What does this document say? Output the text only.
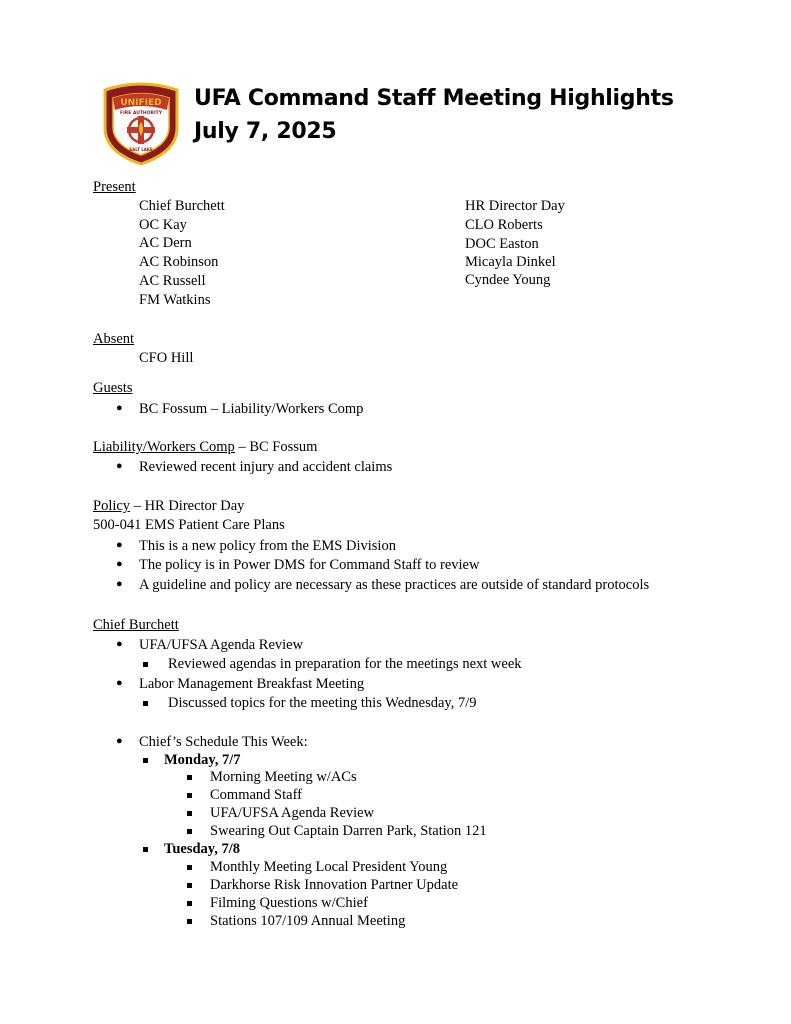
UNIFIED
FIRE AUTHORITY
SALT LAKE
UFA Command Staff Meeting Highlights
July 7, 2025
Present
Chief Burchett
OC Kay
AC Dern
AC Robinson
AC Russell
FM Watkins
HR Director Day
CLO Roberts
DOC Easton
Micayla Dinkel
Cyndee Young
Absent
CFO Hill
Guests
● BC Fossum – Liability/Workers Comp
Liability/Workers Comp – BC Fossum
● Reviewed recent injury and accident claims
Policy – HR Director Day
500-041 EMS Patient Care Plans
● This is a new policy from the EMS Division
● The policy is in Power DMS for Command Staff to review
● A guideline and policy are necessary as these practices are outside of standard protocols
Chief Burchett
● UFA/UFSA Agenda Review
Reviewed agendas in preparation for the meetings next week
● Labor Management Breakfast Meeting
Discussed topics for the meeting this Wednesday, 7/9
● Chief’s Schedule This Week:
Monday, 7/7
Morning Meeting w/ACs
Command Staff
UFA/UFSA Agenda Review
Swearing Out Captain Darren Park, Station 121
Tuesday, 7/8
Monthly Meeting Local President Young
Darkhorse Risk Innovation Partner Update
Filming Questions w/Chief
Stations 107/109 Annual Meeting
